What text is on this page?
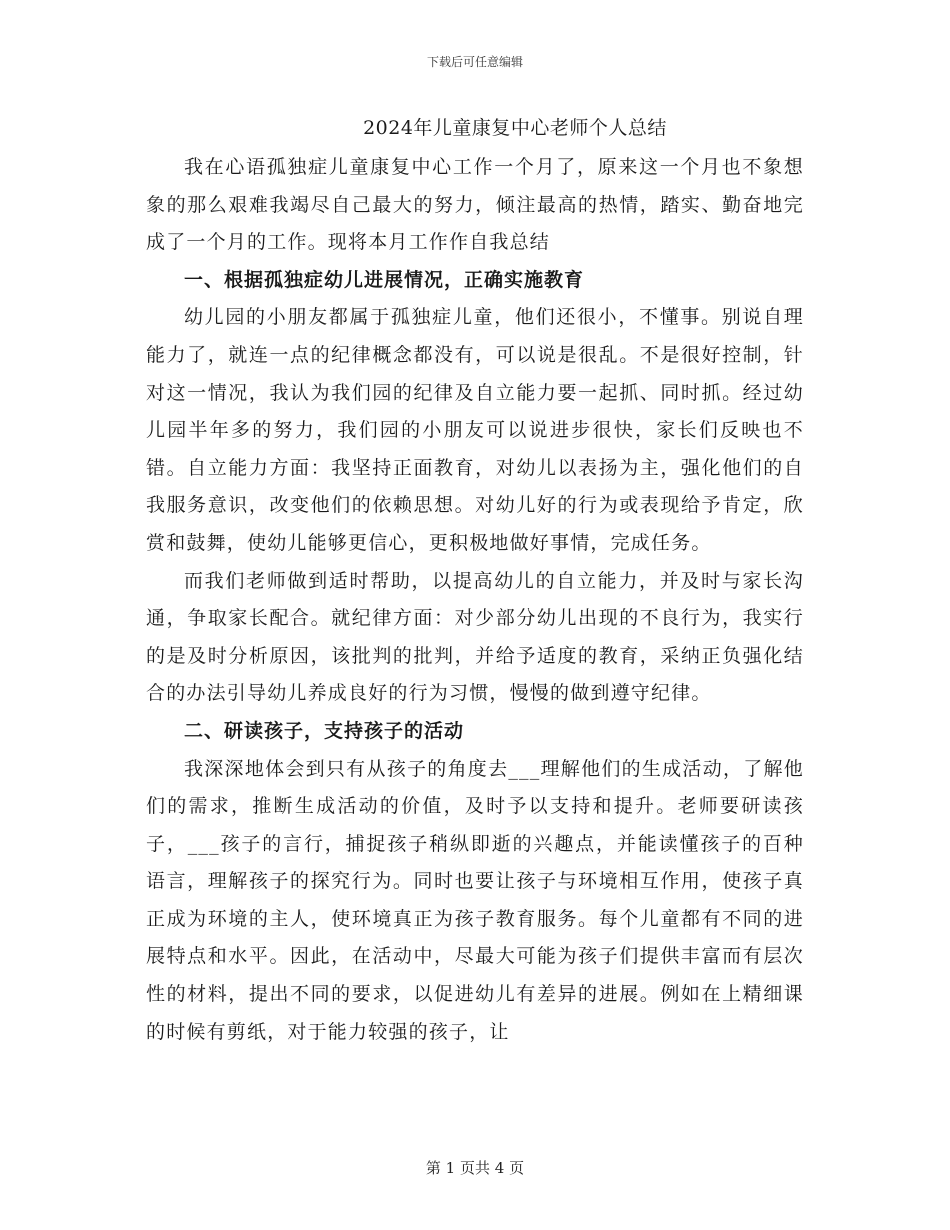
下载后可任意编辑
2024年儿童康复中心老师个人总结

我在心语孤独症儿童康复中心工作一个月了，原来这一个月也不象想象的那么艰难我竭尽自己最大的努力，倾注最高的热情，踏实、勤奋地完成了一个月的工作。现将本月工作作自我总结

一、根据孤独症幼儿进展情况，正确实施教育

幼儿园的小朋友都属于孤独症儿童，他们还很小，不懂事。别说自理能力了，就连一点的纪律概念都没有，可以说是很乱。不是很好控制，针对这一情况，我认为我们园的纪律及自立能力要一起抓、同时抓。经过幼儿园半年多的努力，我们园的小朋友可以说进步很快，家长们反映也不错。自立能力方面：我坚持正面教育，对幼儿以表扬为主，强化他们的自我服务意识，改变他们的依赖思想。对幼儿好的行为或表现给予肯定，欣赏和鼓舞，使幼儿能够更信心，更积极地做好事情，完成任务。

而我们老师做到适时帮助，以提高幼儿的自立能力，并及时与家长沟通，争取家长配合。就纪律方面：对少部分幼儿出现的不良行为，我实行的是及时分析原因，该批判的批判，并给予适度的教育，采纳正负强化结合的办法引导幼儿养成良好的行为习惯，慢慢的做到遵守纪律。

二、研读孩子，支持孩子的活动

我深深地体会到只有从孩子的角度去___理解他们的生成活动，了解他们的需求，推断生成活动的价值，及时予以支持和提升。老师要研读孩子，___孩子的言行，捕捉孩子稍纵即逝的兴趣点，并能读懂孩子的百种语言，理解孩子的探究行为。同时也要让孩子与环境相互作用，使孩子真正成为环境的主人，使环境真正为孩子教育服务。每个儿童都有不同的进展特点和水平。因此，在活动中，尽最大可能为孩子们提供丰富而有层次性的材料，提出不同的要求，以促进幼儿有差异的进展。例如在上精细课的时候有剪纸，对于能力较强的孩子，让

第 1 页共 4 页
